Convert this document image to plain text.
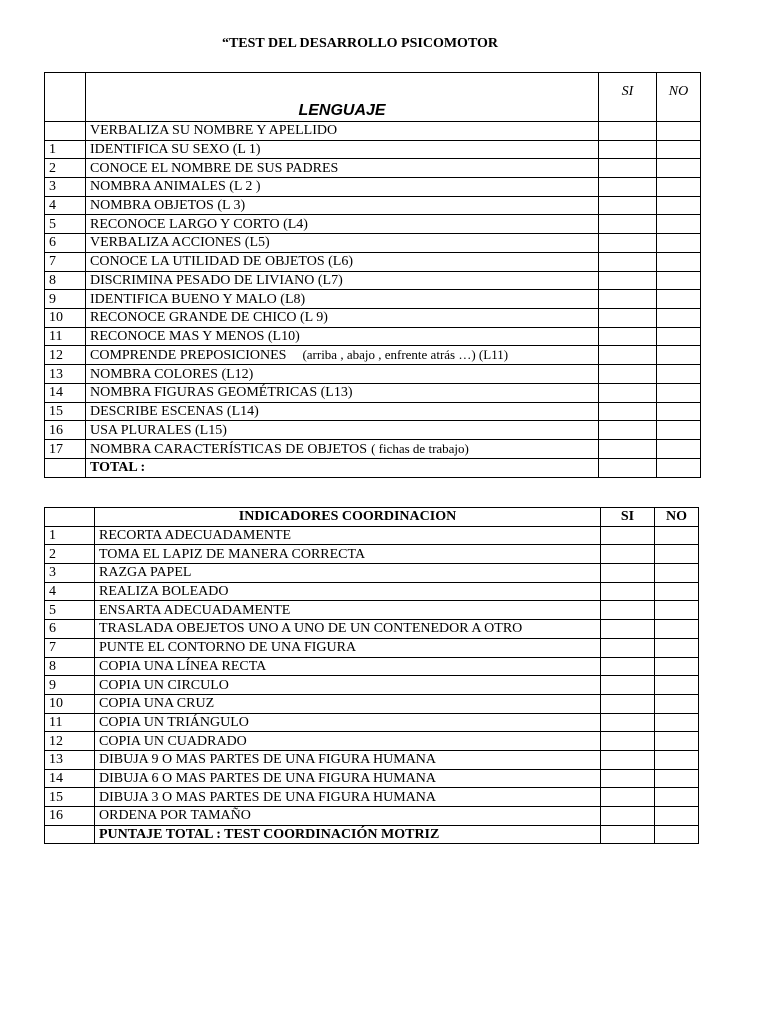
“TEST DEL DESARROLLO PSICOMOTOR
	LENGUAJE	SI	NO
	VERBALIZA SU NOMBRE Y APELLIDO		
1	IDENTIFICA SU SEXO (L 1)		
2	CONOCE EL NOMBRE DE SUS PADRES		
3	NOMBRA ANIMALES (L 2 )		
4	NOMBRA OBJETOS (L 3)		
5	RECONOCE LARGO Y CORTO (L4)		
6	VERBALIZA ACCIONES (L5)		
7	CONOCE LA UTILIDAD DE OBJETOS (L6)		
8	DISCRIMINA PESADO DE LIVIANO (L7)		
9	IDENTIFICA BUENO Y MALO (L8)		
10	RECONOCE GRANDE DE CHICO (L 9)		
11	RECONOCE MAS Y MENOS (L10)		
12	COMPRENDE PREPOSICIONES (arriba , abajo , enfrente atrás …) (L11)		
13	NOMBRA COLORES (L12)		
14	NOMBRA FIGURAS GEOMÉTRICAS (L13)		
15	DESCRIBE ESCENAS (L14)		
16	USA PLURALES (L15)		
17	NOMBRA CARACTERÍSTICAS DE OBJETOS ( fichas de trabajo)		
	TOTAL :		
	INDICADORES COORDINACION	SI	NO
1	RECORTA ADECUADAMENTE		
2	TOMA EL LAPIZ DE MANERA CORRECTA		
3	RAZGA PAPEL		
4	REALIZA BOLEADO		
5	ENSARTA ADECUADAMENTE		
6	TRASLADA OBEJETOS UNO A UNO DE UN CONTENEDOR A OTRO		
7	PUNTE EL CONTORNO DE UNA FIGURA		
8	COPIA UNA LÍNEA RECTA		
9	COPIA UN CIRCULO		
10	COPIA UNA CRUZ		
11	COPIA UN TRIÁNGULO		
12	COPIA UN CUADRADO		
13	DIBUJA 9 O MAS PARTES DE UNA FIGURA HUMANA		
14	DIBUJA 6 O MAS PARTES DE UNA FIGURA HUMANA		
15	DIBUJA 3 O MAS PARTES DE UNA FIGURA HUMANA		
16	ORDENA POR TAMAÑO		
	PUNTAJE TOTAL : TEST COORDINACIÓN MOTRIZ		
